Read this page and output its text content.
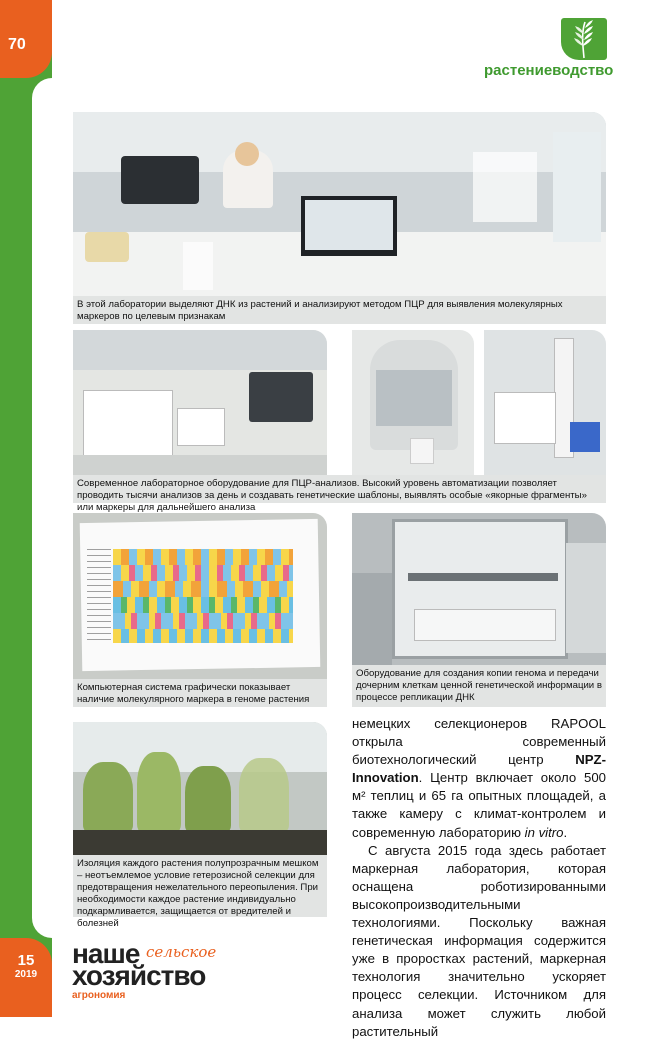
70
15
2019
растениеводство
В этой лаборатории выделяют ДНК из растений и анализируют методом ПЦР для выявления молекулярных маркеров по целевым признакам
Современное лабораторное оборудование для ПЦР-анализов. Высокий уровень автоматизации позволяет проводить тысячи анализов за день и создавать генетические шаблоны, выявлять особые «якорные фрагменты» или маркеры для дальнейшего анализа
Компьютерная система графически показывает наличие молекулярного маркера в геноме растения
Оборудование для создания копии генома и передачи дочерним клеткам ценной генетической информации в процессе репликации ДНК
Изоляция каждого растения полупрозрачным мешком – неотъемлемое условие гетерозисной селекции для предотвращения нежелательного переопыления. При необходимости каждое растение индивидуально подкармливается, защищается от вредителей и болезней

немецких селекционеров RAPOOL открыла современный биотехнологический центр NPZ-Innovation. Центр включает около 500 м² теплиц и 65 га опытных площадей, а также камеру с климат-контролем и современную лабораторию in vitro.

С августа 2015 года здесь работает маркерная лаборатория, которая оснащена роботизированными высокопроизводительными технологиями. Поскольку важная генетическая информация содержится уже в проростках растений, маркерная технология значительно ускоряет процесс селекции. Источником для анализа может служить любой растительный

наше
хозяйство
сельское
агрономия
